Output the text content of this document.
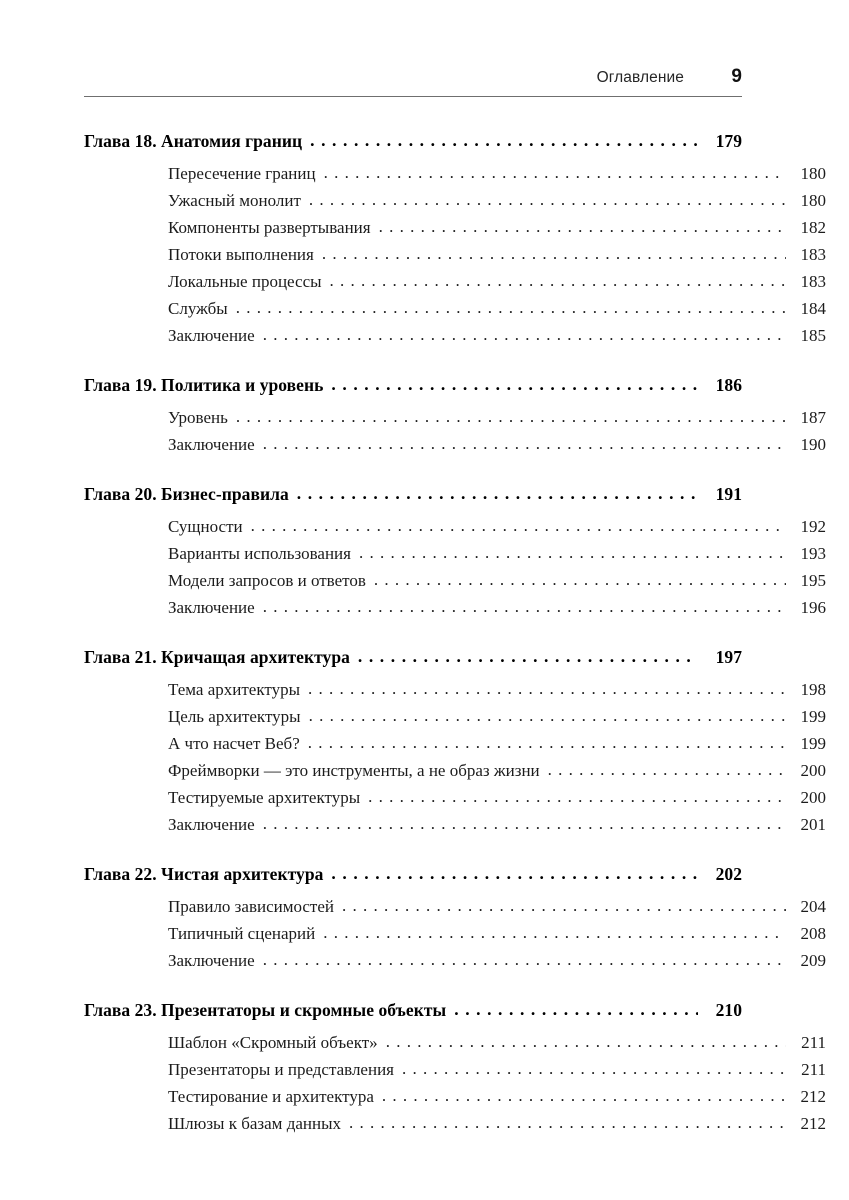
Оглавление 9
Глава 18. Анатомия границ . . .	179
Пересечение границ . . .	180
Ужасный монолит . . .	180
Компоненты развертывания . . .	182
Потоки выполнения . . .	183
Локальные процессы . . .	183
Службы . . .	184
Заключение . . .	185
Глава 19. Политика и уровень . . .	186
Уровень . . .	187
Заключение . . .	190
Глава 20. Бизнес-правила . . .	191
Сущности . . .	192
Варианты использования . . .	193
Модели запросов и ответов . . .	195
Заключение . . .	196
Глава 21. Кричащая архитектура . . .	197
Тема архитектуры . . .	198
Цель архитектуры . . .	199
А что насчет Веб? . . .	199
Фреймворки — это инструменты, а не образ жизни . . .	200
Тестируемые архитектуры . . .	200
Заключение . . .	201
Глава 22. Чистая архитектура . . .	202
Правило зависимостей . . .	204
Типичный сценарий . . .	208
Заключение . . .	209
Глава 23. Презентаторы и скромные объекты . . .	210
Шаблон «Скромный объект» . . .	211
Презентаторы и представления . . .	211
Тестирование и архитектура . . .	212
Шлюзы к базам данных . . .	212
